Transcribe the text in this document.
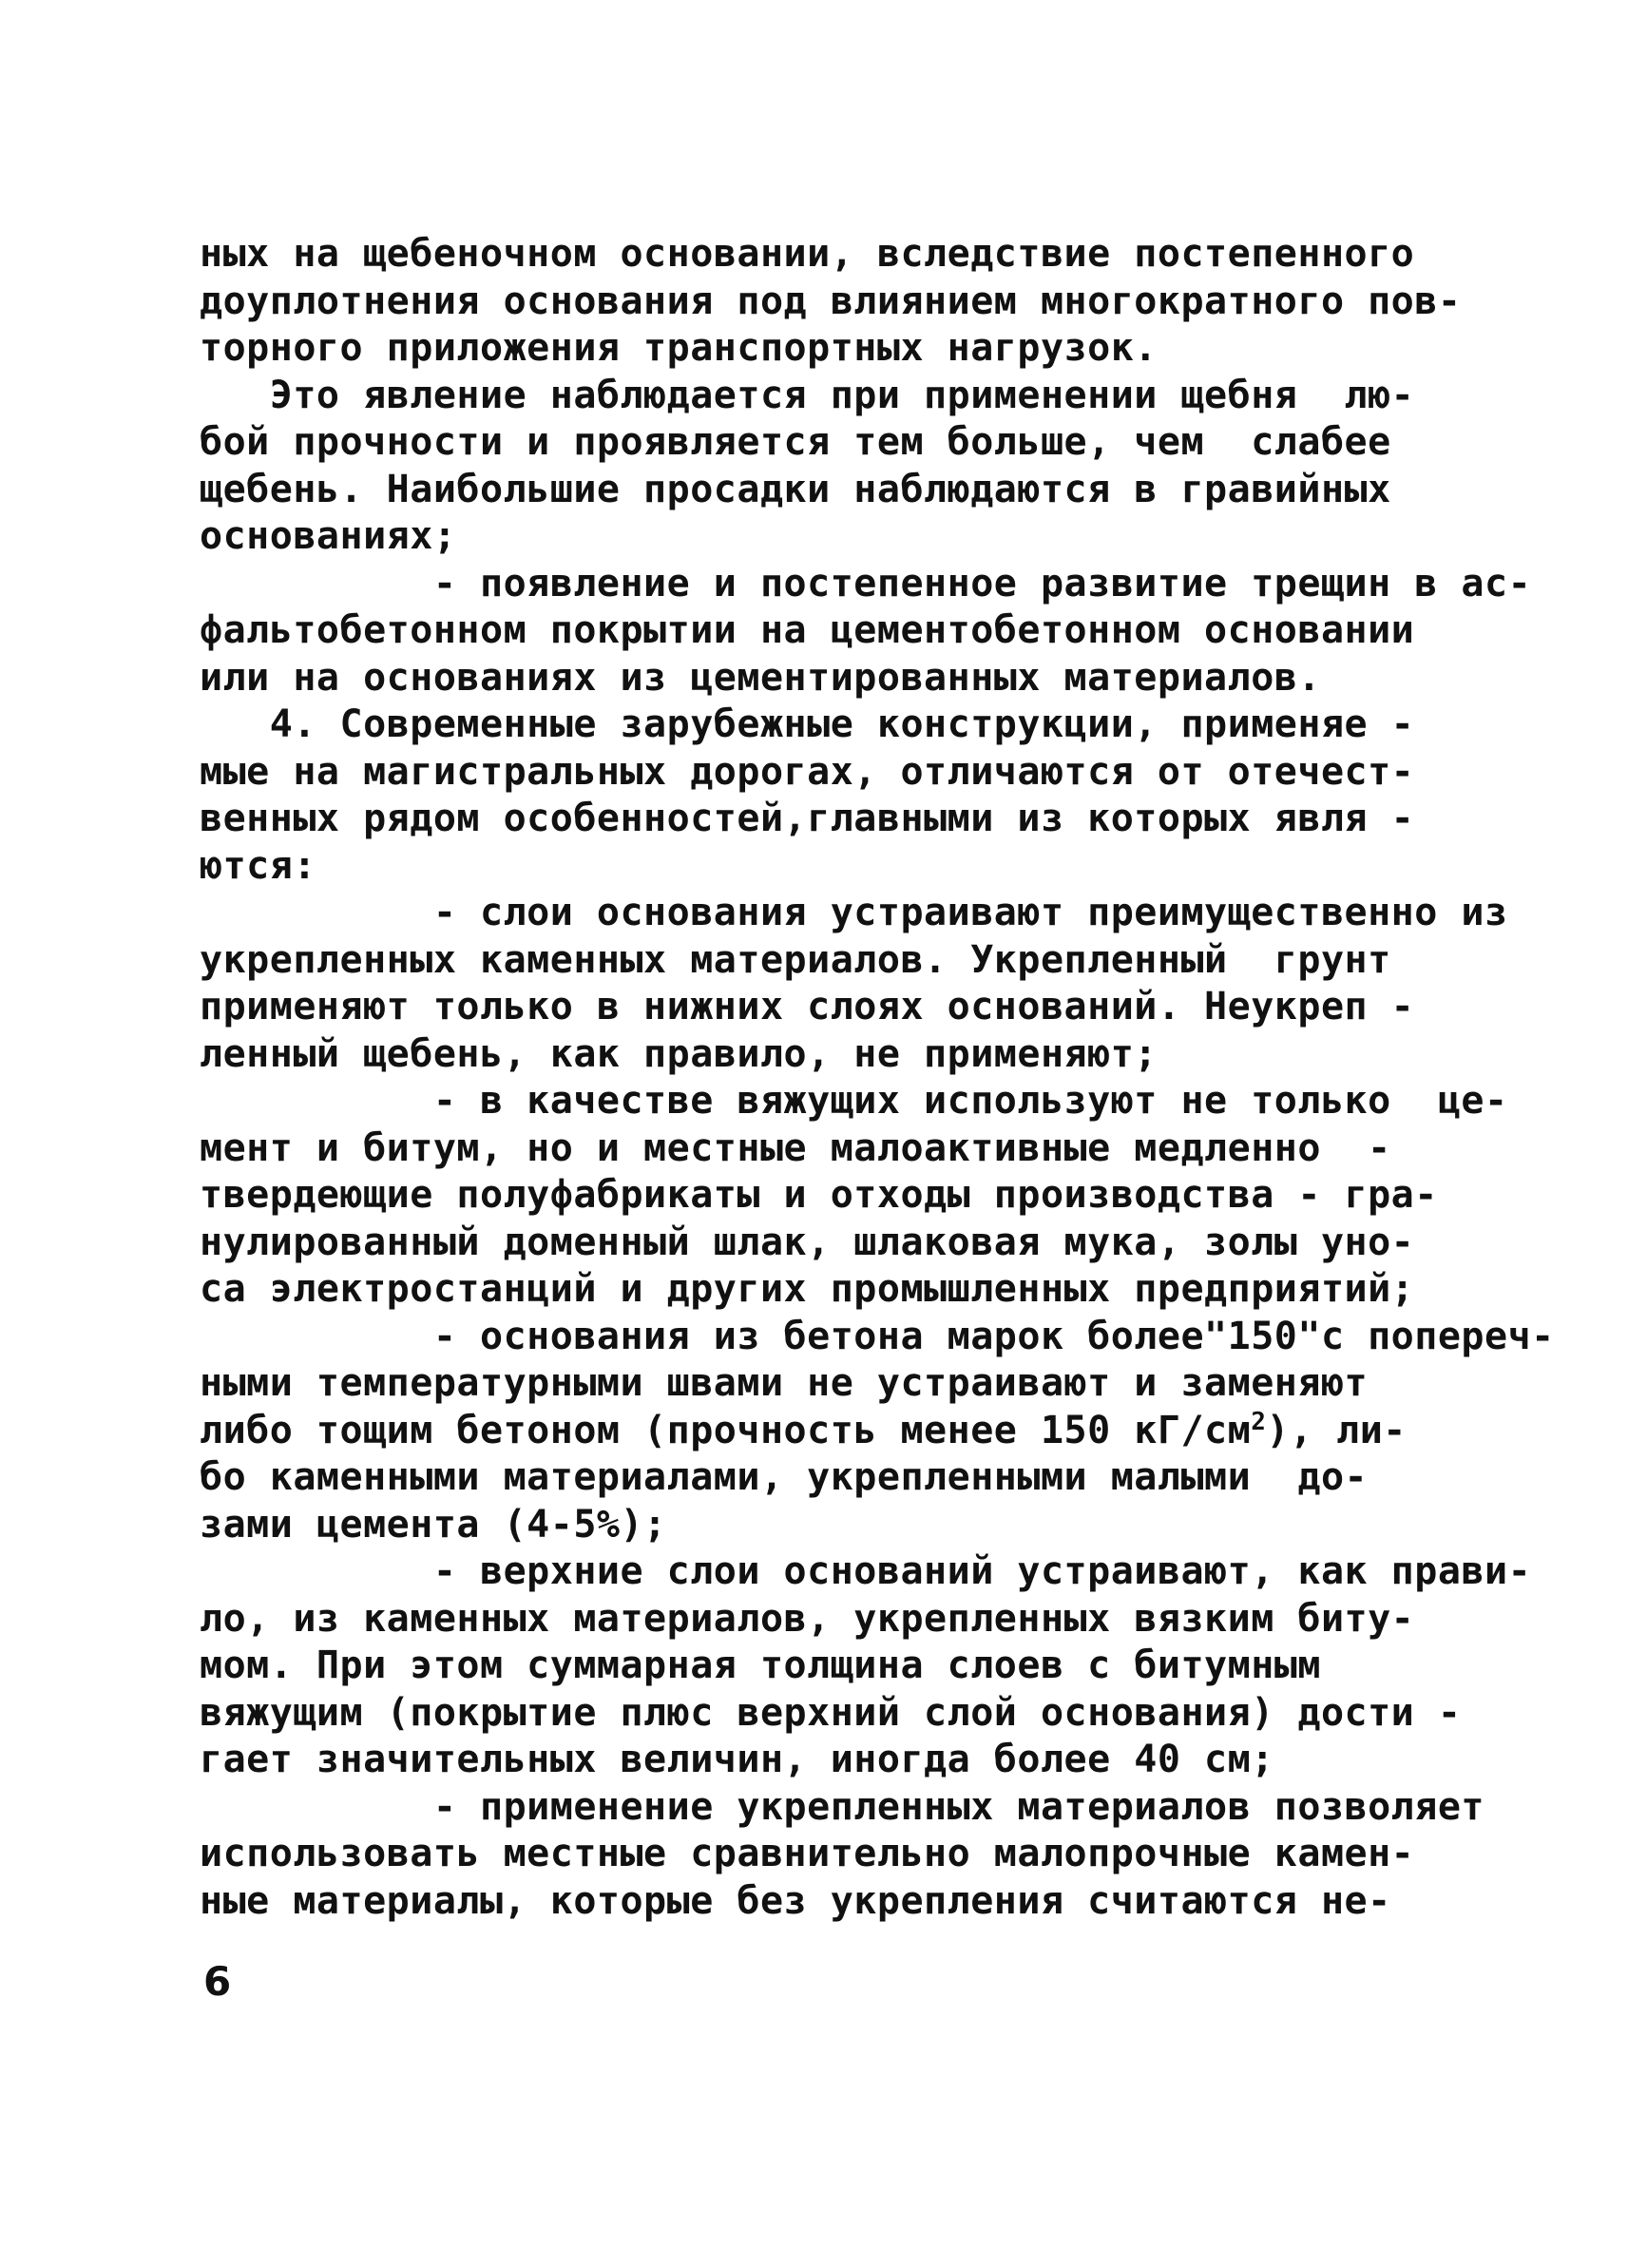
ных на щебеночном основании, вследствие постепенного
доуплотнения основания под влиянием многократного пов-
торного приложения транспортных нагрузок.
Это явление наблюдается при применении щебня  лю-
бой прочности и проявляется тем больше, чем  слабее
щебень. Наибольшие просадки наблюдаются в гравийных
основаниях;
- появление и постепенное развитие трещин в ас-
фальтобетонном покрытии на цементобетонном основании
или на основаниях из цементированных материалов.
4. Современные зарубежные конструкции, применяе -
мые на магистральных дорогах, отличаются от отечест-
венных рядом особенностей,главными из которых явля -
ются:
- слои основания устраивают преимущественно из
укрепленных каменных материалов. Укрепленный  грунт
применяют только в нижних слоях оснований. Неукреп -
ленный щебень, как правило, не применяют;
- в качестве вяжущих используют не только  це-
мент и битум, но и местные малоактивные медленно  -
твердеющие полуфабрикаты и отходы производства - гра-
нулированный доменный шлак, шлаковая мука, золы уно-
са электростанций и других промышленных предприятий;
- основания из бетона марок более"150"с попереч-
ными температурными швами не устраивают и заменяют
либо тощим бетоном (прочность менее 150 $кГ/см^2$), ли-
бо каменными материалами, укрепленными малыми  до-
зами цемента (4-5%);
- верхние слои оснований устраивают, как прави-
ло, из каменных материалов, укрепленных вязким биту-
мом. При этом суммарная толщина слоев с битумным
вяжущим (покрытие плюс верхний слой основания) дости -
гает значительных величин, иногда более 40 см;
- применение укрепленных материалов позволяет
использовать местные сравнительно малопрочные камен-
ные материалы, которые без укрепления считаются не-
6
